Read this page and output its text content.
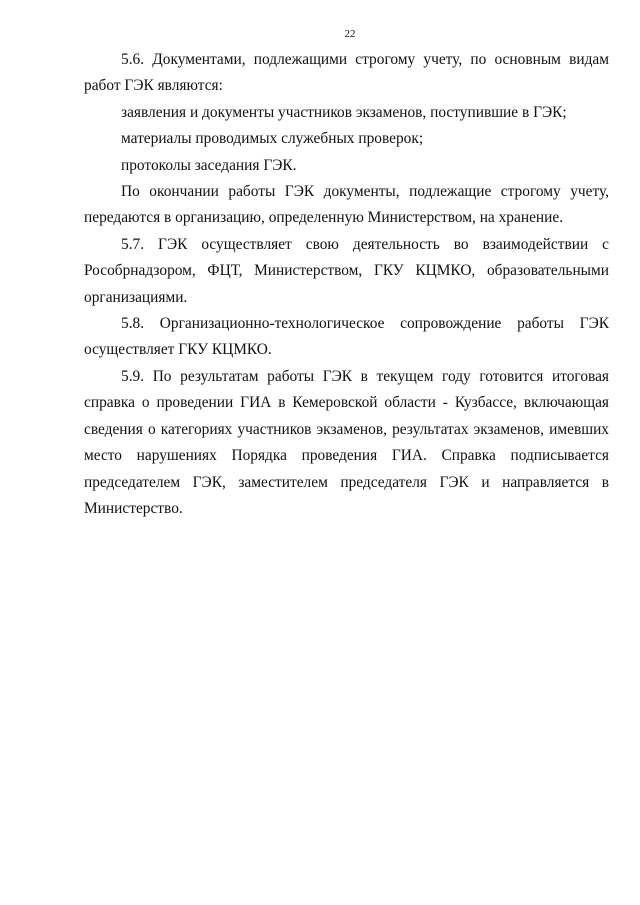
22

5.6. Документами, подлежащими строгому учету, по основным видам работ ГЭК являются:

заявления и документы участников экзаменов, поступившие в ГЭК;

материалы проводимых служебных проверок;

протоколы заседания ГЭК.

По окончании работы ГЭК документы, подлежащие строгому учету, передаются в организацию, определенную Министерством, на хранение.

5.7. ГЭК осуществляет свою деятельность во взаимодействии с Рособрнадзором, ФЦТ, Министерством, ГКУ КЦМКО, образовательными организациями.

5.8. Организационно-технологическое сопровождение работы ГЭК осуществляет ГКУ КЦМКО.

5.9. По результатам работы ГЭК в текущем году готовится итоговая справка о проведении ГИА в Кемеровской области - Кузбассе, включающая сведения о категориях участников экзаменов, результатах экзаменов, имевших место нарушениях Порядка проведения ГИА. Справка подписывается председателем ГЭК, заместителем председателя ГЭК и направляется в Министерство.
